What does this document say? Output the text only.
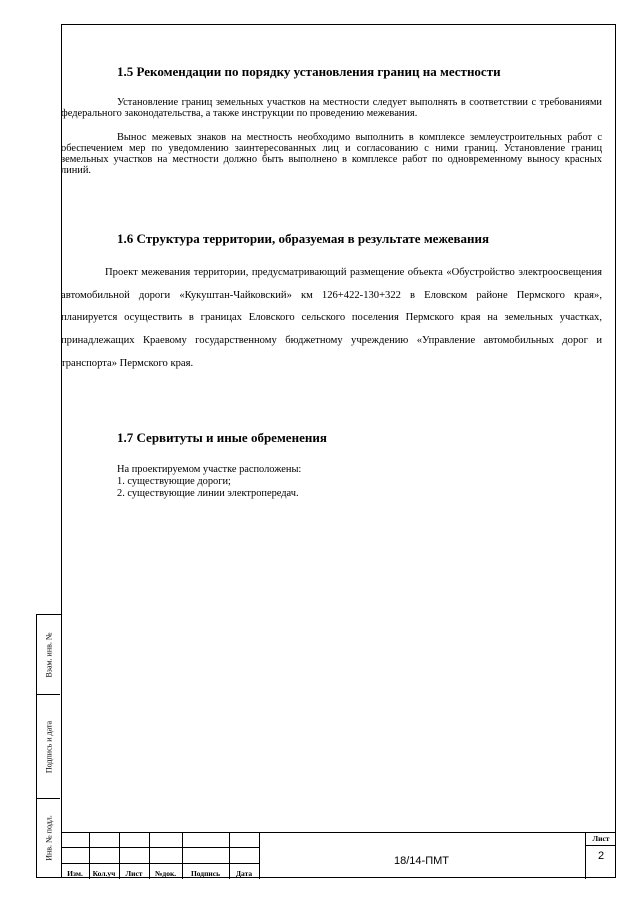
Взам. инв. №
Подпись и дата
Инв. № подл.
1.5 Рекомендации по порядку установления границ на местности

Установление границ земельных участков на местности следует выполнять в соответствии с требованиями федерального законодательства, а также инструкции по проведению межевания.

Вынос межевых знаков на местность необходимо выполнить в комплексе землеустроительных работ с обеспечением мер по уведомлению заинтересованных лиц и согласованию с ними границ. Установление границ земельных участков на местности должно быть выполнено в комплексе работ по одновременному выносу красных линий.

1.6 Структура территории, образуемая в результате межевания

Проект межевания территории, предусматривающий размещение объекта «Обустройство электроосвещения автомобильной дороги «Кукуштан-Чайковский» км 126+422-130+322 в Еловском районе Пермского края», планируется осуществить в границах Еловского сельского поселения Пермского края на земельных участках, принадлежащих Краевому государственному бюджетному учреждению «Управление автомобильных дорог и транспорта» Пермского края.

1.7 Сервитуты и иные обременения

На проектируемом участке расположены:

1. существующие дороги;

2. существующие линии электропередач.

Изм.	Кол.уч	Лист	№док.	Подпись	Дата
18/14-ПМТ
Лист
2
